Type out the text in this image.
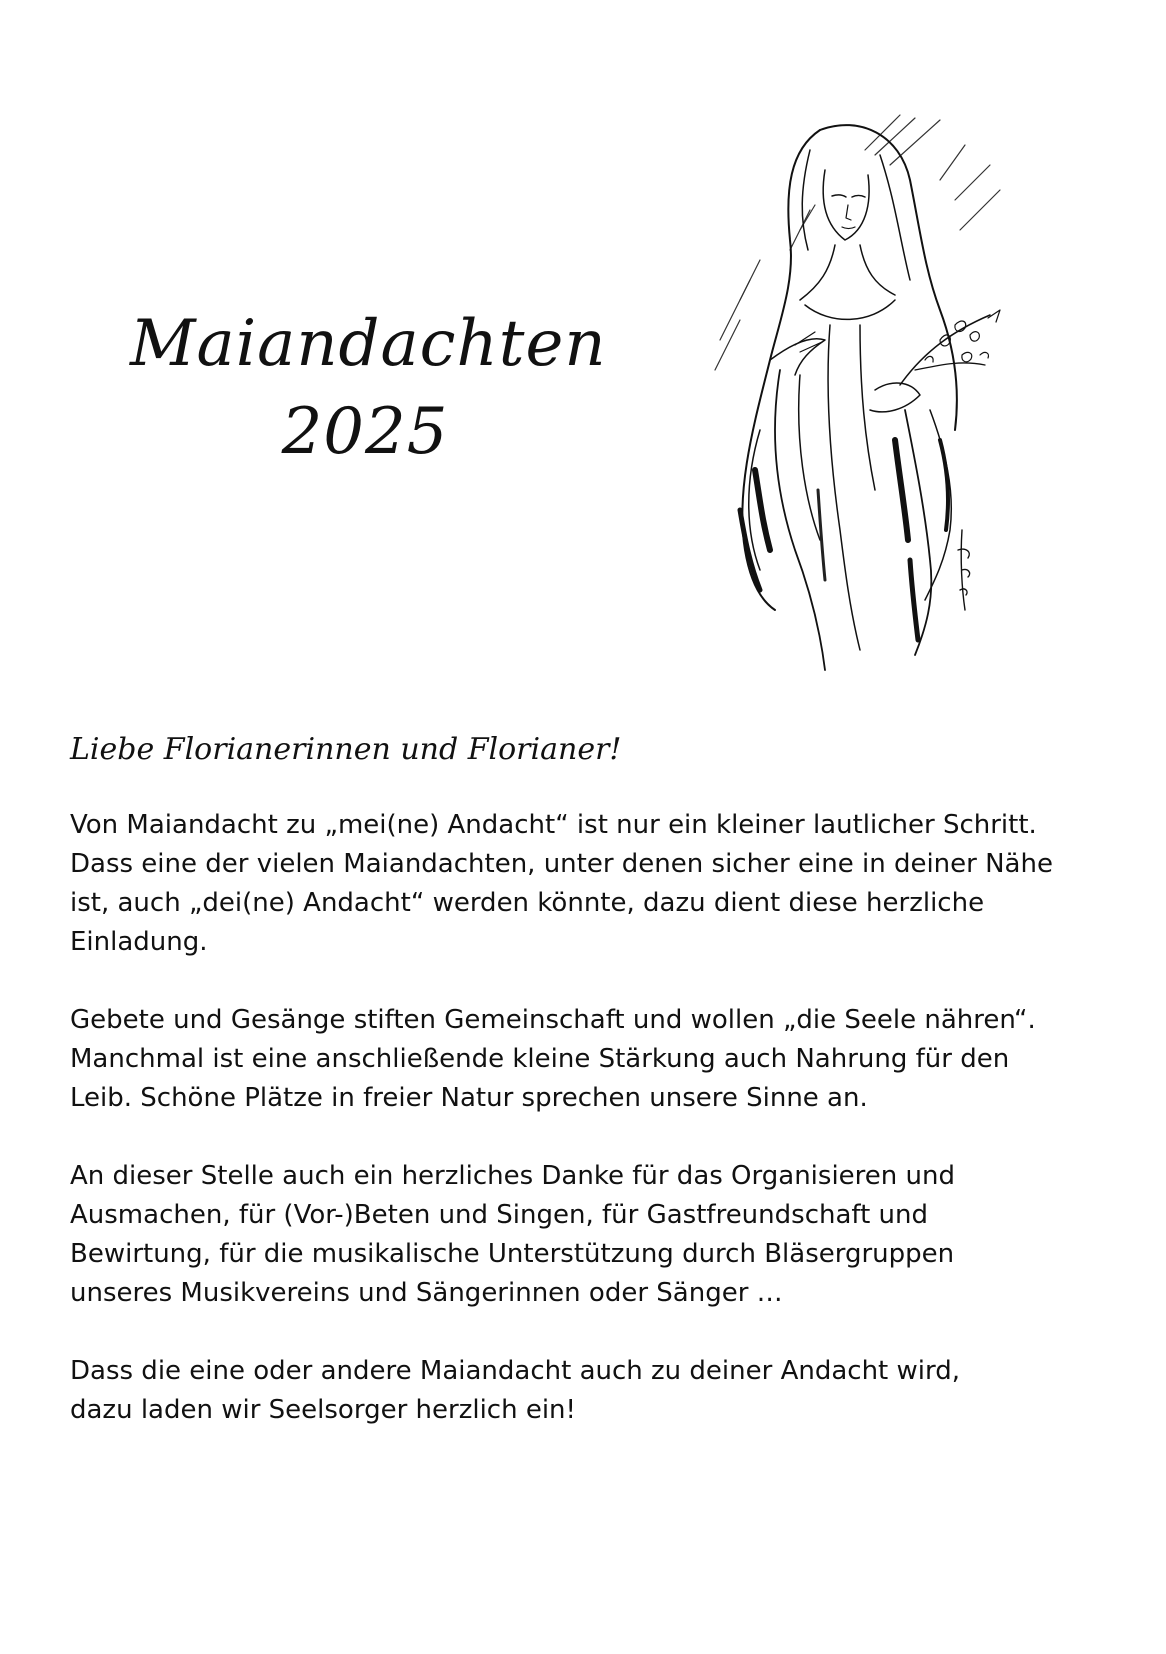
Maiandachten
2025
Liebe Florianerinnen und Florianer!

Von Maiandacht zu „mei(ne) Andacht“ ist nur ein kleiner lautlicher Schritt.
Dass eine der vielen Maiandachten, unter denen sicher eine in deiner Nähe
ist, auch „dei(ne) Andacht“ werden könnte, dazu dient diese herzliche
Einladung.

Gebete und Gesänge stiften Gemeinschaft und wollen „die Seele nähren“.
Manchmal ist eine anschließende kleine Stärkung auch Nahrung für den
Leib. Schöne Plätze in freier Natur sprechen unsere Sinne an.

An dieser Stelle auch ein herzliches Danke für das Organisieren und
Ausmachen, für (Vor-)Beten und Singen, für Gastfreundschaft und
Bewirtung, für die musikalische Unterstützung durch Bläsergruppen
unseres Musikvereins und Sängerinnen oder Sänger …

Dass die eine oder andere Maiandacht auch zu deiner Andacht wird,
dazu laden wir Seelsorger herzlich ein!
